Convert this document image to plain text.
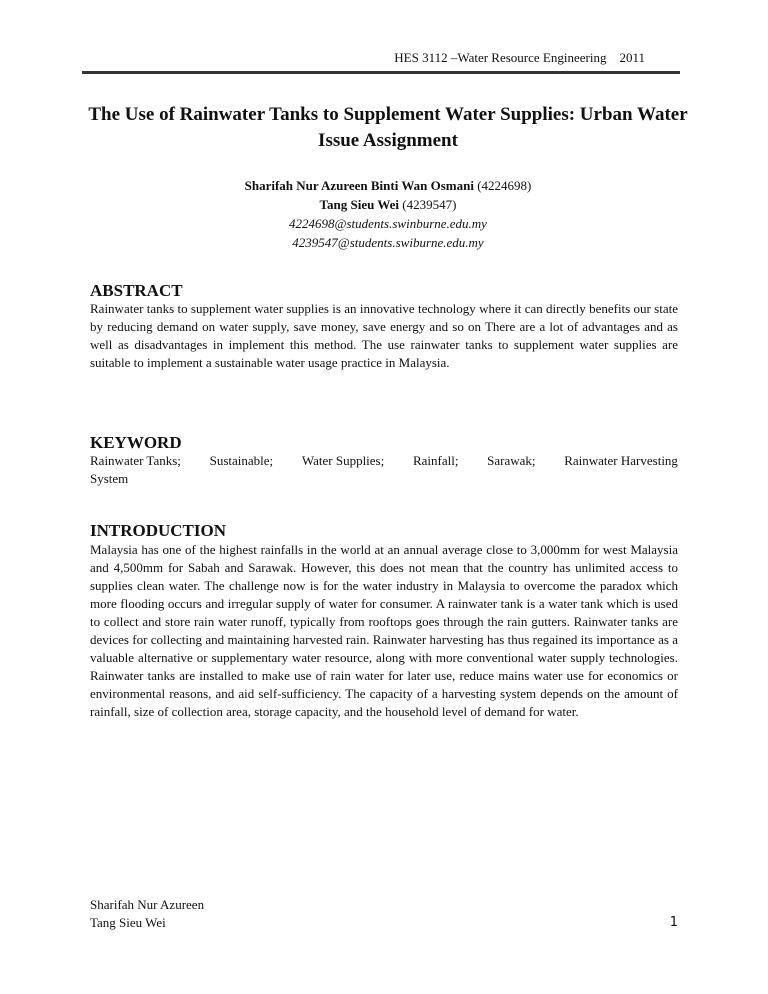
HES 3112 –Water Resource Engineering 2011
The Use of Rainwater Tanks to Supplement Water Supplies: Urban Water Issue Assignment
Sharifah Nur Azureen Binti Wan Osmani (4224698)
Tang Sieu Wei (4239547)
4224698@students.swinburne.edu.my
4239547@students.swiburne.edu.my
ABSTRACT

Rainwater tanks to supplement water supplies is an innovative technology where it can directly benefits our state by reducing demand on water supply, save money, save energy and so on There are a lot of advantages and as well as disadvantages in implement this method. The use rainwater tanks to supplement water supplies are suitable to implement a sustainable water usage practice in Malaysia.

KEYWORD
Rainwater Tanks; Sustainable; Water Supplies; Rainfall; Sarawak; Rainwater Harvesting
System
INTRODUCTION

Malaysia has one of the highest rainfalls in the world at an annual average close to 3,000mm for west Malaysia and 4,500mm for Sabah and Sarawak. However, this does not mean that the country has unlimited access to supplies clean water. The challenge now is for the water industry in Malaysia to overcome the paradox which more flooding occurs and irregular supply of water for consumer. A rainwater tank is a water tank which is used to collect and store rain water runoff, typically from rooftops goes through the rain gutters. Rainwater tanks are devices for collecting and maintaining harvested rain. Rainwater harvesting has thus regained its importance as a valuable alternative or supplementary water resource, along with more conventional water supply technologies. Rainwater tanks are installed to make use of rain water for later use, reduce mains water use for economics or environmental reasons, and aid self-sufficiency. The capacity of a harvesting system depends on the amount of rainfall, size of collection area, storage capacity, and the household level of demand for water.

Sharifah Nur Azureen
Tang Sieu Wei	1
